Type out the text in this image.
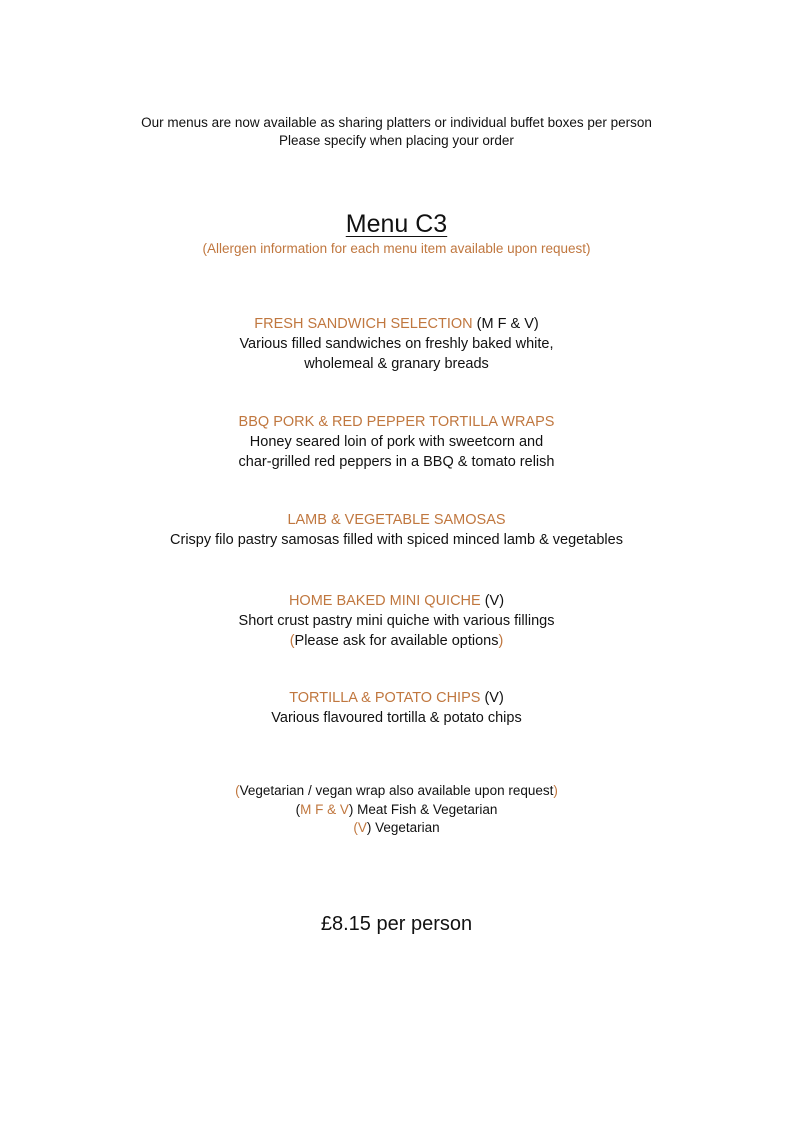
Our menus are now available as sharing platters or individual buffet boxes per person
Please specify when placing your order
Menu C3
(Allergen information for each menu item available upon request)
FRESH SANDWICH SELECTION (M F & V)
Various filled sandwiches on freshly baked white,
wholemeal & granary breads
BBQ PORK & RED PEPPER TORTILLA WRAPS
Honey seared loin of pork with sweetcorn and
char-grilled red peppers in a BBQ & tomato relish
LAMB & VEGETABLE SAMOSAS
Crispy filo pastry samosas filled with spiced minced lamb & vegetables
HOME BAKED MINI QUICHE (V)
Short crust pastry mini quiche with various fillings
(Please ask for available options)
TORTILLA & POTATO CHIPS (V)
Various flavoured tortilla & potato chips
(Vegetarian / vegan wrap also available upon request)
(M F & V) Meat Fish & Vegetarian
(V) Vegetarian
£8.15 per person
